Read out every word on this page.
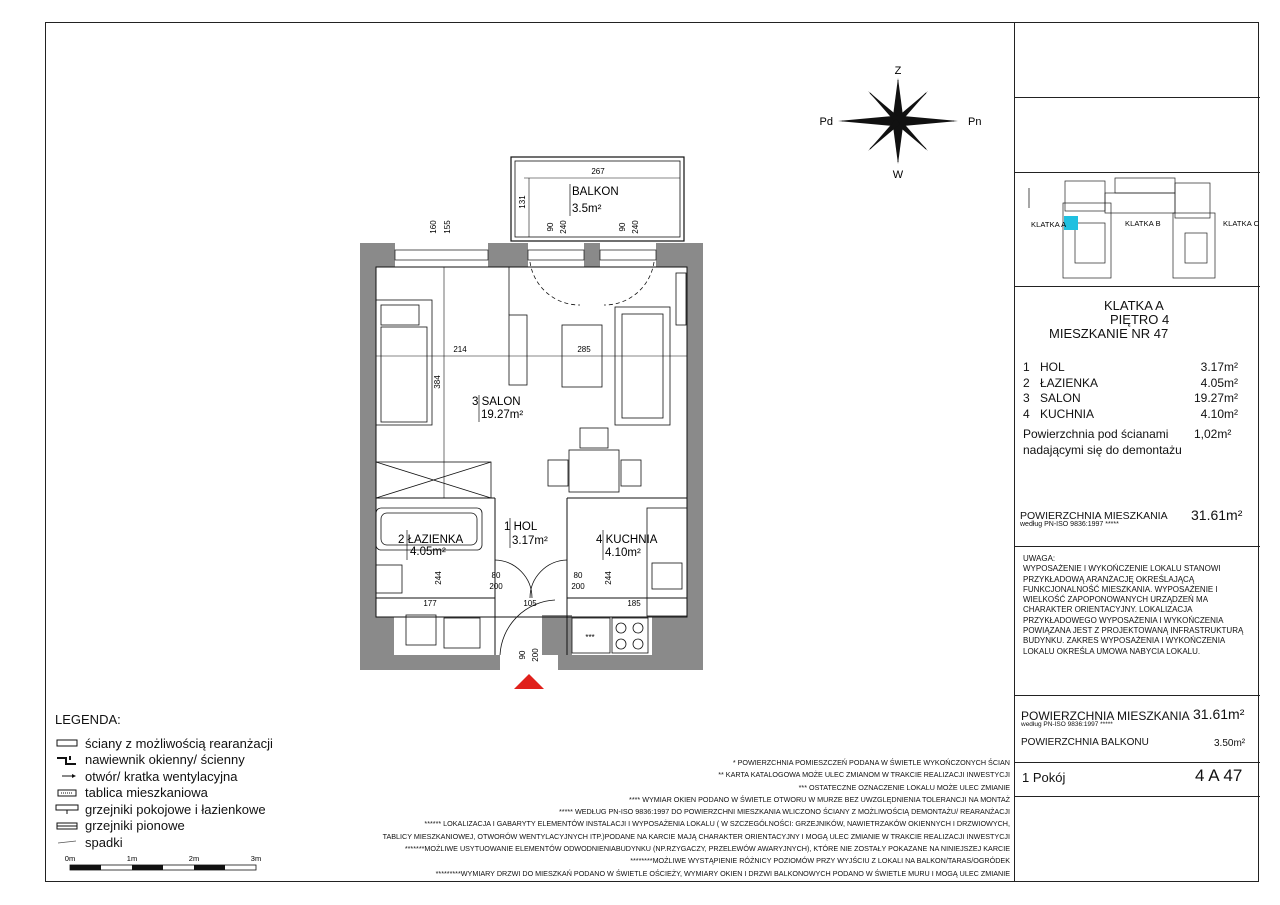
Z
W
Pd	Pn
267
131
BALKON
3.5m²
160 155	90 240	90 240
214	285
384
3 SALON
19.27m²
2 ŁAZIENKA
4.05m²
1 HOL
3.17m²
***
4 KUCHNIA
4.10m²
80
200
80
200
244	244
177	105	185
90 200
KLATKA A	KLATKA B	KLATKA C
KLATKA A
PIĘTRO 4
MIESZKANIE NR 47
1 HOL	3.17m²
2 ŁAZIENKA	4.05m²
3 SALON	19.27m²
4 KUCHNIA	4.10m²
Powierzchnia pod ścianami
nadającymi się do demontażu
1,02m²
POWIERZCHNIA MIESZKANIA
według PN-ISO 9836:1997 *****
31.61m²
UWAGA:
WYPOSAŻENIE I WYKOŃCZENIE LOKALU STANOWI PRZYKŁADOWĄ ARANŻACJĘ OKREŚLAJĄCĄ FUNKCJONALNOŚĆ MIESZKANIA. WYPOSAŻENIE I WIELKOŚĆ ZAPOPONOWANYCH URZĄDZEŃ MA CHARAKTER ORIENTACYJNY. LOKALIZACJA PRZYKŁADOWEGO WYPOSAŻENIA I WYKOŃCZENIA POWIĄZANA JEST Z PROJEKTOWANĄ INFRASTRUKTURĄ BUDYNKU. ZAKRES WYPOSAŻENIA I WYKOŃCZENIA LOKALU OKREŚLA UMOWA NABYCIA LOKALU.
POWIERZCHNIA MIESZKANIA
według PN-ISO 9836:1997 *****
31.61m²
POWIERZCHNIA BALKONU	3.50m²
1 Pokój	4 A 47
LEGENDA:
ściany z możliwością rearanżacji
nawiewnik okienny/ ścienny
otwór/ kratka wentylacyjna
tablica mieszkaniowa
grzejniki pokojowe i łazienkowe
grzejniki pionowe
spadki
0m	1m	2m	3m
* POWIERZCHNIA POMIESZCZEŃ PODANA W ŚWIETLE WYKOŃCZONYCH ŚCIAN
** KARTA KATALOGOWA MOŻE ULEC ZMIANOM W TRAKCIE REALIZACJI INWESTYCJI
*** OSTATECZNE OZNACZENIE LOKALU MOŻE ULEC ZMIANIE
**** WYMIAR OKIEN PODANO W ŚWIETLE OTWORU W MURZE BEZ UWZGLĘDNIENIA TOLERANCJI NA MONTAŻ
***** WEDŁUG PN-ISO 9836:1997 DO POWIERZCHNI MIESZKANIA WLICZONO ŚCIANY Z MOŻLIWOŚCIĄ DEMONTAŻU/ REARANŻACJI
****** LOKALIZACJA I GABARYTY ELEMENTÓW INSTALACJI I WYPOSAŻENIA LOKALU ( W SZCZEGÓLNOŚCI: GRZEJNIKÓW, NAWIETRZAKÓW OKIENNYCH I DRZWIOWYCH,
TABLICY MIESZKANIOWEJ, OTWORÓW WENTYLACYJNYCH ITP.)PODANE NA KARCIE MAJĄ CHARAKTER ORIENTACYJNY I MOGĄ ULEC ZMIANIE W TRAKCIE REALIZACJI INWESTYCJI
*******MOŻLIWE USYTUOWANIE ELEMENTÓW ODWODNIENIABUDYNKU (NP.RZYGACZY, PRZELEWÓW AWARYJNYCH), KTÓRE NIE ZOSTAŁY POKAZANE NA NINIEJSZEJ KARCIE
********MOŻLIWE WYSTĄPIENIE RÓŻNICY POZIOMÓW PRZY WYJŚCIU Z LOKALI NA BALKON/TARAS/OGRÓDEK
*********WYMIARY DRZWI DO MIESZKAŃ PODANO W ŚWIETLE OŚCIEŻY, WYMIARY OKIEN I DRZWI BALKONOWYCH PODANO W ŚWIETLE MURU I MOGĄ ULEC ZMIANIE
